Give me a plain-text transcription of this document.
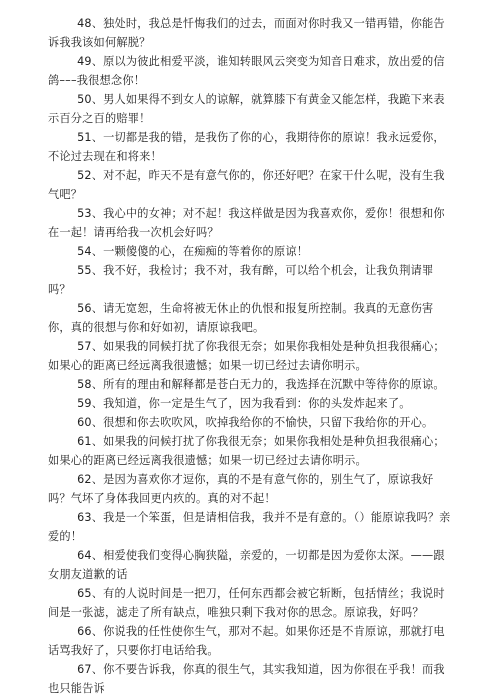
48、独处时，我总是忏悔我们的过去，而面对你时我又一错再错，你能告诉我我该如何解脱？

49、原以为彼此相爱平淡，谁知转眼风云突变为知音日难求，放出爱的信鸽–––我很想念你！

50、男人如果得不到女人的谅解，就算膝下有黄金又能怎样，我跪下来表示百分之百的赔罪！

51、一切都是我的错，是我伤了你的心，我期待你的原谅！我永远爱你，不论过去现在和将来！

52、对不起，昨天不是有意气你的，你还好吧？在家干什么呢，没有生我气吧？

53、我心中的女神；对不起！我这样做是因为我喜欢你，爱你！很想和你在一起！请再给我一次机会好吗？

54、一颗傻傻的心，在痴痴的等着你的原谅！

55、我不好，我检讨；我不对，我有醉，可以给个机会，让我负荆请罪吗？

56、请无宽恕，生命将被无休止的仇恨和报复所控制。我真的无意伤害你，真的很想与你和好如初，请原谅我吧。

57、如果我的同候打扰了你我很无奈；如果你我相处是种负担我很痛心；如果心的距离已经远离我很遗憾；如果一切已经过去请你明示。

58、所有的理由和解释都是苍白无力的，我选择在沉默中等待你的原谅。

59、我知道，你一定是生气了，因为我看到：你的头发炸起来了。

60、很想和你去吹吹风，吹掉我给你的不愉快，只留下我给你的开心。

61、如果我的问候打扰了你我很无奈；如果你我相处是种负担我很痛心；如果心的距离已经远离我很遗憾；如果一切已经过去请你明示。

62、是因为喜欢你才逗你，真的不是有意气你的，别生气了，原谅我好吗？气坏了身体我回更内疚的。真的对不起！

63、我是一个笨蛋，但是请相信我，我并不是有意的。（）能原谅我吗？亲爱的！

64、相爱使我们变得心胸狭隘，亲爱的，一切都是因为爱你太深。——跟女朋友道歉的话

65、有的人说时间是一把刀，任何东西都会被它斩断，包括情丝；我说时间是一张滤，滤走了所有缺点，唯独只剩下我对你的思念。原谅我，好吗？

66、你说我的任性使你生气，那对不起。如果你还是不肯原谅，那就打电话骂我好了，只要你打电话给我。

67、你不要告诉我，你真的很生气，其实我知道，因为你很在乎我！而我也只能告诉
